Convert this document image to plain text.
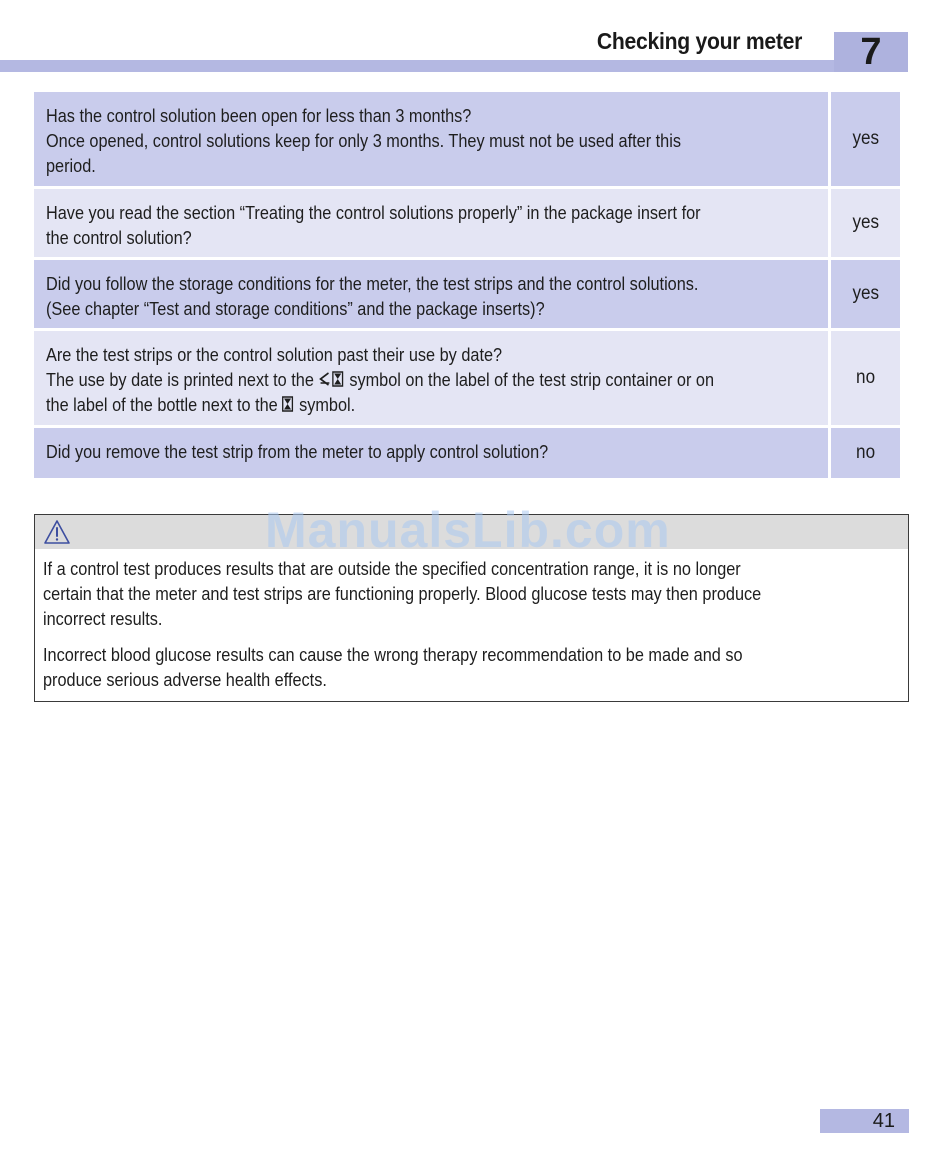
Checking your meter 7
Has the control solution been open for less than 3 months?
Once opened, control solutions keep for only 3 months. They must not be used after this
period.
yes
Have you read the section “Treating the control solutions properly” in the package insert for
the control solution?
yes
Did you follow the storage conditions for the meter, the test strips and the control solutions.
(See chapter “Test and storage conditions” and the package inserts)?
yes
Are the test strips or the control solution past their use by date?
The use by date is printed next to the  symbol on the label of the test strip container or on
the label of the bottle next to the  symbol.
no
Did you remove the test strip from the meter to apply control solution?	no
ManualsLib.com
If a control test produces results that are outside the specified concentration range, it is no longer
certain that the meter and test strips are functioning properly. Blood glucose tests may then produce
incorrect results.
Incorrect blood glucose results can cause the wrong therapy recommendation to be made and so
produce serious adverse health effects.
41
